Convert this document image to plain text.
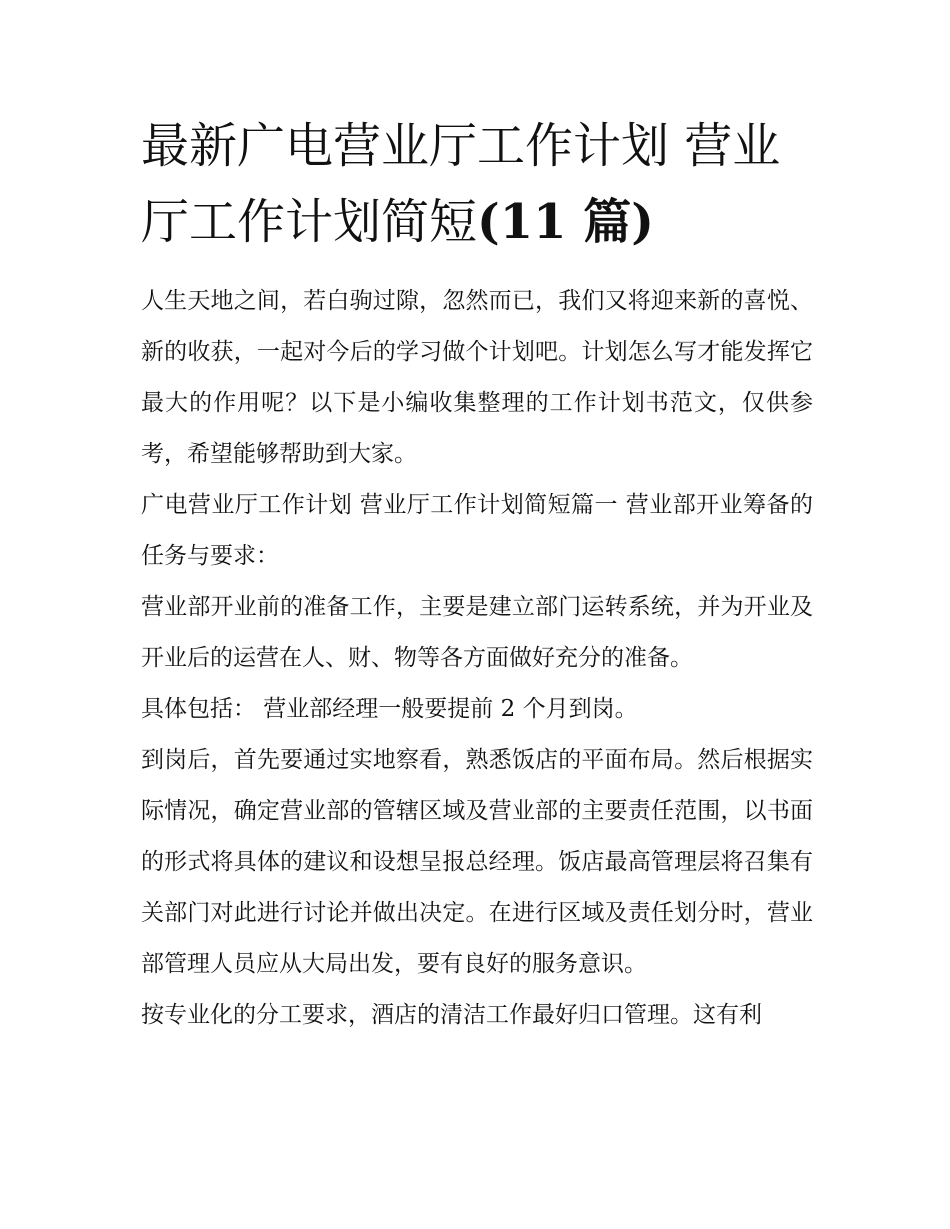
最新广电营业厅工作计划 营业
厅工作计划简短(11 篇)

人生天地之间，若白驹过隙，忽然而已，我们又将迎来新的喜悦、新的收获，一起对今后的学习做个计划吧。计划怎么写才能发挥它最大的作用呢？以下是小编收集整理的工作计划书范文，仅供参考，希望能够帮助到大家。

广电营业厅工作计划 营业厅工作计划简短篇一 营业部开业筹备的任务与要求：

营业部开业前的准备工作，主要是建立部门运转系统，并为开业及开业后的运营在人、财、物等各方面做好充分的准备。

具体包括： 营业部经理一般要提前 2 个月到岗。

到岗后，首先要通过实地察看，熟悉饭店的平面布局。然后根据实际情况，确定营业部的管辖区域及营业部的主要责任范围，以书面的形式将具体的建议和设想呈报总经理。饭店最高管理层将召集有关部门对此进行讨论并做出决定。在进行区域及责任划分时，营业部管理人员应从大局出发，要有良好的服务意识。

按专业化的分工要求，酒店的清洁工作最好归口管理。这有利
